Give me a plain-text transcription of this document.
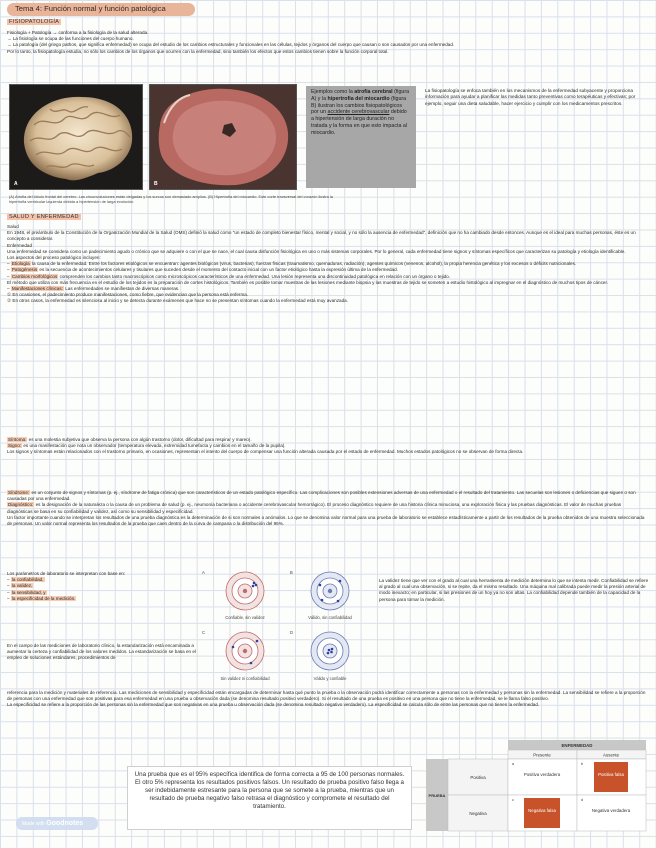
Tema 4: Función normal y función patológica
FISIOPATOLOGÍA

Fisiología + Patología → conforma a la fisiología de la salud alterada.

→ La fisiología se ocupa de las funciones del cuerpo humano.

→ La patología (del griego pathos, que significa enfermedad) se ocupa del estudio de los cambios estructurales y funcionales en las células, tejidos y órganos del cuerpo que causan o son causados por una enfermedad.

Por lo tanto, la fisiopatología estudia, no sólo los cambios de los órganos que ocurren con la enfermedad, sino también los efectos que estos cambios tienen sobre la función corporal total.

A	B
Ejemplos como la atrofia cerebral (figura A) y la hipertrofia del miocardio (figura B) ilustran los cambios fisiopatológicos por un accidente cerebrovascular debido a hipertensión de larga duración no tratada y la forma en que esto impacta al miocardio.
La fisiopatología se enfoca también en los mecanismos de la enfermedad subyacente y proporciona información para ayudar a planificar las medidas tanto preventivas como terapéuticas y efectivas; por ejemplo, seguir una dieta saludable, hacer ejercicio y cumplir con los medicamentos prescritos.
(A) Atrofia del lóbulo frontal del cerebro. Las circunvoluciones están delgadas y los surcos son demasiado amplios. (B) Hipertrofia del miocardio. Este corte transversal del corazón ilustra la hipertrofia ventricular izquierda debida a hipertensión de larga evolución.
SALUD Y ENFERMEDAD

Salud

En 1948, el preámbulo de la Constitución de la Organización Mundial de la Salud (OMS) definió la salud como "un estado de completo bienestar físico, mental y social, y no sólo la ausencia de enfermedad", definición que no ha cambiado desde entonces. Aunque es el ideal para muchas personas, éste es un concepto a considerar.

Enfermedad

Una enfermedad se considera como un padecimiento agudo o crónico que se adquiere o con el que se nace, el cual causa disfunción fisiológica en uno o más sistemas corporales. Por lo general, cada enfermedad tiene signos y síntomas específicos que caracterizan su patología y etiología identificable.

Los aspectos del proceso patológico incluyen:

– Etiología la causa de la enfermedad. Entre los factores etiológicos se encuentran: agentes biológicos (virus, bacterias), fuerzas físicas (traumatismo, quemaduras, radiación), agentes químicos (venenos, alcohol), la propia herencia genética y los excesos o déficits nutricionales.

– Patogénesis es la secuencia de acontecimientos celulares y tisulares que suceden desde el momento del contacto inicial con un factor etiológico hasta la expresión última de la enfermedad.

– Cambios morfológicos comprenden los cambios tanto macroscópicos como microscópicos característicos de una enfermedad. Una lesión representa una discontinuidad patológica en relación con un órgano o tejido.

El método que utiliza con más frecuencia en el estudio de los tejidos es la preparación de cortes histológicos. También es posible tomar muestras de las lesiones mediante biopsia y las muestras de tejido se someten a estudio histológico al impregnar en el diagnóstico de muchos tipos de cáncer.

– Manifestaciones clínicas: Las enfermedades se manifiestan de diversas maneras.

① En ocasiones, el padecimiento produce manifestaciones, como fiebre, que evidencian que la persona está enferma.

② En otros casos, la enfermedad es silenciosa al inicio y se detecta durante exámenes que hace no se presentan síntomas cuando la enfermedad está muy avanzada.

Síntoma: es una molestia subjetiva que observa la persona con algún trastorno (dolor, dificultad para respirar y mareo).

Signo: es una manifestación que nota un observador (temperatura elevada, extremidad tumefacta y cambios en el tamaño de la pupila).

Los signos y síntomas están relacionados con el trastorno primario, en ocasiones, representan el intento del cuerpo de compensar una función alterada causada por el estado de enfermedad. Muchos estados patológicos no se observan de forma directa.

Síndrome: es un conjunto de signos y síntomas (p. ej., síndrome de fatiga crónica) que son característicos de un estado patológico específico. Las complicaciones son posibles extensiones adversas de una enfermedad o el resultado del tratamiento. Las secuelas son lesiones o deficiencias que siguen o son causadas por una enfermedad.

Diagnóstico: es la designación de la naturaleza o la causa de un problema de salud (p. ej., neumonía bacteriana o accidente cerebrovascular hemorrágico). El proceso diagnóstico requiere de una historia clínica minuciosa, una exploración física y las pruebas diagnósticas. El valor de muchas pruebas diagnósticas se basa en su confiabilidad y validez, así como su sensibilidad y especificidad.

Un factor importante cuando se interpretan los resultados de una prueba diagnóstica es la determinación de si son normales o anómalos. Lo que se denomina valor normal para una prueba de laboratorio se establece estadísticamente a partir de los resultados de la prueba obtenidos de una muestra seleccionada de personas. Un valor normal representa los resultados de la prueba que caen dentro de la curva de campana o la distribución del 95%.

Los parámetros de laboratorio se interpretan con base en:

– la confiabilidad,

– la validez,

– la sensibilidad, y

– la especificidad de la medición.

A	B
C	D
Confiable, sin validez	Válido, sin confiabilidad
Sin validez ni confiabilidad	Válido y confiable
La validez tiene que ver con el grado al cual una herramienta de medición determina lo que se intenta medir. Confiabilidad se refiere al grado al cual una observación, si se repite, da el mismo resultado. Una máquina mal calibrada puede medir la presión arterial de modo inexacto; en particular, si las presiones de un hoy ya no son altas. La confiabilidad depende también de la capacidad de la persona para tomar la medición.
En el campo de las mediciones de laboratorio clínico, la estandarización está encaminada a aumentar la certeza y confiabilidad de los valores medidos. La estandarización se basa en el empleo de soluciones estándares, procedimientos de

referencia para la medición y materiales de referencia. Las mediciones de sensibilidad y especificidad están encargadas de determinar hasta qué punto la prueba o la observación podrá identificar correctamente a personas con la enfermedad y personas sin la enfermedad. La sensibilidad se refiere a la proporción de personas con una enfermedad que son positivas para esa enfermedad en una prueba u observación dada (se denomina resultado positivo verdadero). Si el resultado de una prueba es positivo en una persona que no tiene la enfermedad, se le llama falso positivo.

La especificidad se refiere a la proporción de las personas sin la enfermedad que son negativas en una prueba u observación dada (se denomina resultado negativo verdadero). La especificidad se calcula sólo de entre las personas que no tienen la enfermedad.

Una prueba que es el 95% específica identifica de forma correcta a 95 de 100 personas normales. El otro 5% representa los resultados positivos falsos. Un resultado de prueba positivo falso llega a ser indebidamente estresante para la persona que se somete a la prueba, mientras que un resultado de prueba negativo falso retrasa el diagnóstico y compromete el resultado del tratamiento.
ENFERMEDAD
Presente	Ausente
PRUEBA
Positiva
Negativa
Positiva verdadera	Positiva falsa
Negativa falsa	Negativa verdadera
a	b
c	d
Made with Goodnotes
